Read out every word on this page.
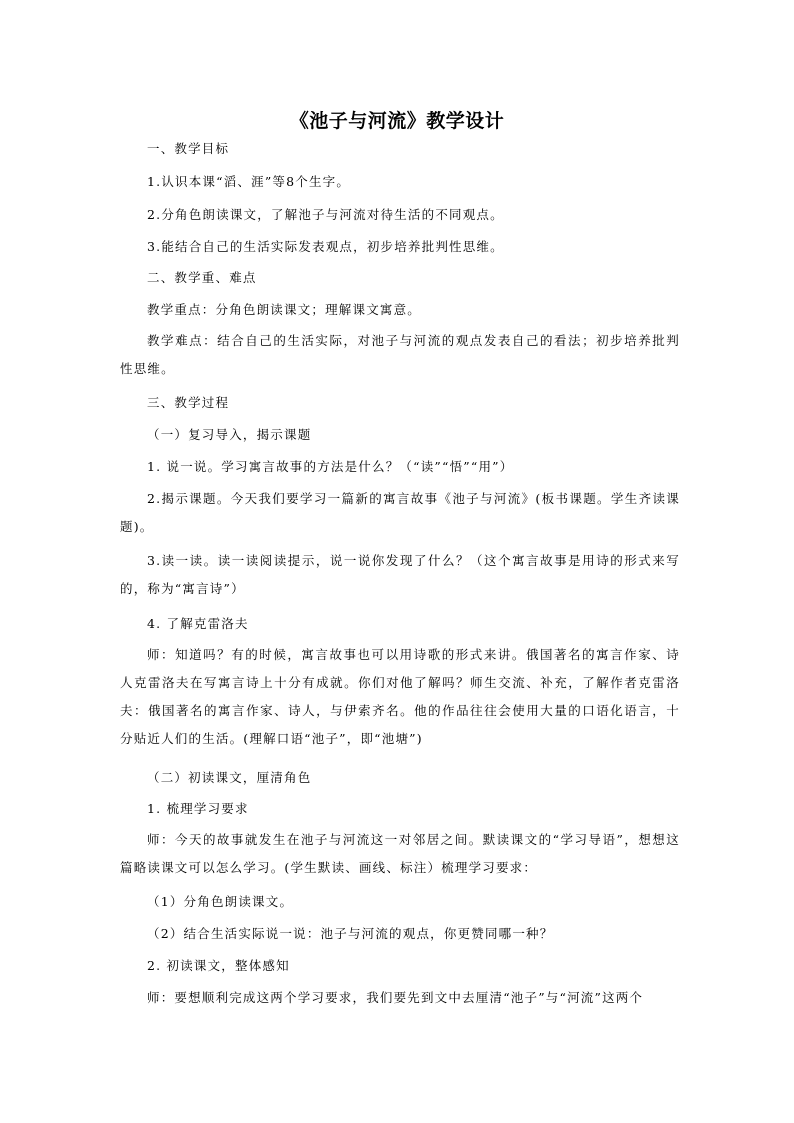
《池子与河流》教学设计

一、教学目标

1.认识本课“滔、涯”等8个生字。

2.分角色朗读课文，了解池子与河流对待生活的不同观点。

3.能结合自己的生活实际发表观点，初步培养批判性思维。

二、教学重、难点

教学重点：分角色朗读课文；理解课文寓意。

教学难点：结合自己的生活实际，对池子与河流的观点发表自己的看法；初步培养批判性思维。

三、教学过程

（一）复习导入，揭示课题

1. 说一说。学习寓言故事的方法是什么？（“读”“悟”“用”）

2.揭示课题。今天我们要学习一篇新的寓言故事《池子与河流》(板书课题。学生齐读课题)。

3.读一读。读一读阅读提示，说一说你发现了什么？（这个寓言故事是用诗的形式来写的，称为“寓言诗”）

4. 了解克雷洛夫

师：知道吗？有的时候，寓言故事也可以用诗歌的形式来讲。俄国著名的寓言作家、诗人克雷洛夫在写寓言诗上十分有成就。你们对他了解吗？师生交流、补充，了解作者克雷洛夫：俄国著名的寓言作家、诗人，与伊索齐名。他的作品往往会使用大量的口语化语言，十分贴近人们的生活。(理解口语“池子”，即“池塘”)

（二）初读课文，厘清角色

1. 梳理学习要求

师：今天的故事就发生在池子与河流这一对邻居之间。默读课文的“学习导语”，想想这篇略读课文可以怎么学习。(学生默读、画线、标注）梳理学习要求：

（1）分角色朗读课文。

（2）结合生活实际说一说：池子与河流的观点，你更赞同哪一种？

2. 初读课文，整体感知

师：要想顺利完成这两个学习要求，我们要先到文中去厘清“池子”与“河流”这两个
